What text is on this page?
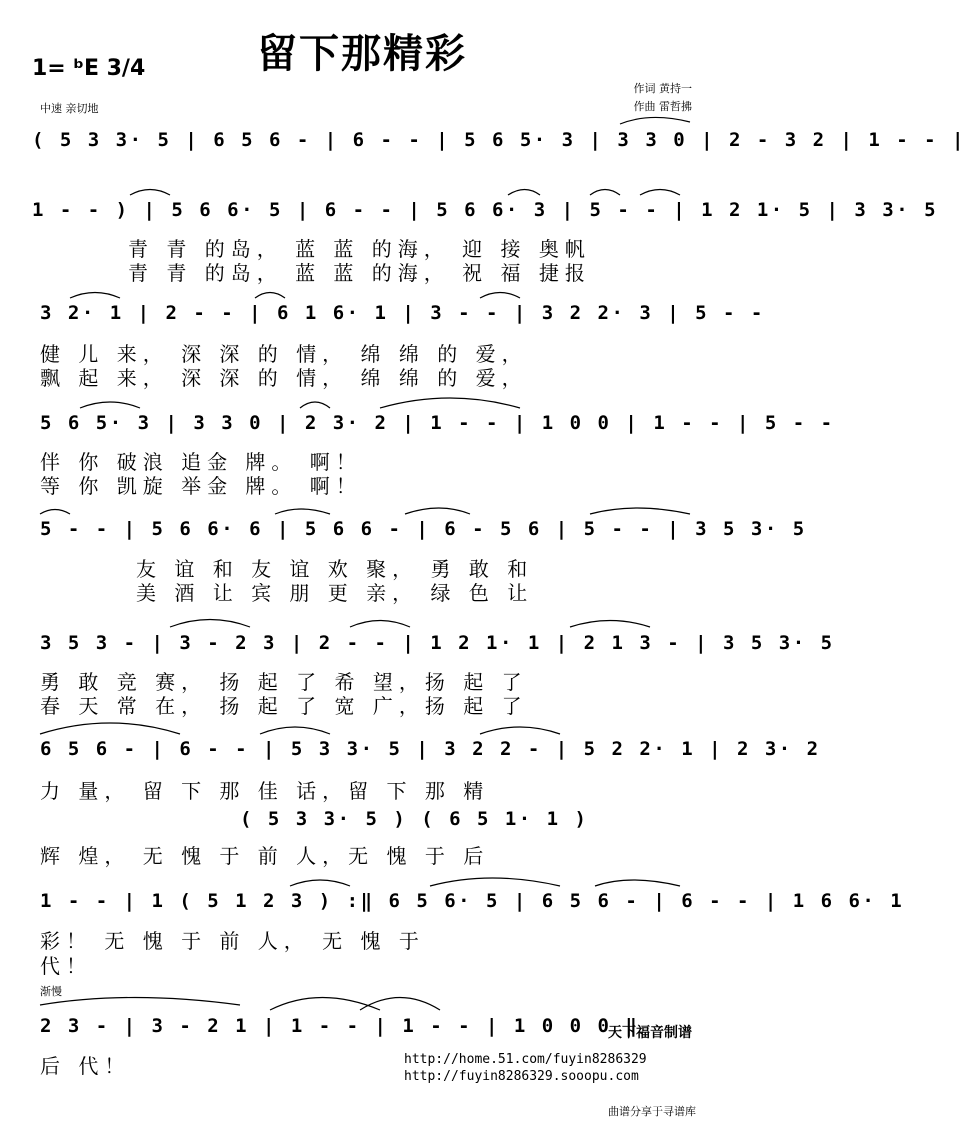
留下那精彩
1= ᵇE 3/4
中速 亲切地
作词 黄持一
作曲 雷哲拂
( 5 3 3· 5 | 6 5 6 - | 6 - - | 5 6 5· 3 | 3 3 0 | 2 - 3 2 | 1 - - |
1 - - ) | 5 6 6· 5 | 6 - - | 5 6 6· 3 | 5 - - | 1 2 1· 5 | 3 3· 5
青 青 的岛， 蓝 蓝 的海， 迎 接 奥帆
青 青 的岛， 蓝 蓝 的海， 祝 福 捷报
3 2· 1 | 2 - - | 6 1 6· 1 | 3 - - | 3 2 2· 3 | 5 - -
健 儿 来， 深 深 的 情， 绵 绵 的 爱，
飘 起 来， 深 深 的 情， 绵 绵 的 爱，
5 6 5· 3 | 3 3 0 | 2 3· 2 | 1 - - | 1 0 0 | 1 - - | 5 - -
伴 你 破浪 追金 牌。 啊！
等 你 凯旋 举金 牌。 啊！
5 - - | 5 6 6· 6 | 5 6 6 - | 6 - 5 6 | 5 - - | 3 5 3· 5
友 谊 和 友 谊 欢 聚， 勇 敢 和
美 酒 让 宾 朋 更 亲， 绿 色 让
3 5 3 - | 3 - 2 3 | 2 - - | 1 2 1· 1 | 2 1 3 - | 3 5 3· 5
勇 敢 竞 赛， 扬 起 了 希 望，扬 起 了
春 天 常 在， 扬 起 了 宽 广，扬 起 了
6 5 6 - | 6 - - | 5 3 3· 5 | 3 2 2 - | 5 2 2· 1 | 2 3· 2
力 量， 留 下 那 佳 话，留 下 那 精
( 5 3 3· 5 ) ( 6 5 1· 1 )
辉 煌， 无 愧 于 前 人，无 愧 于 后
1 - - | 1 ( 5 1 2 3 ) :‖ 6 5 6· 5 | 6 5 6 - | 6 - - | 1 6 6· 1
彩！ 无 愧 于 前 人， 无 愧 于
代！
渐慢
2 3 - | 3 - 2 1 | 1 - - | 1 - - | 1 0 0 0 ‖
后 代！
天下福音制谱
http://home.51.com/fuyin8286329
http://fuyin8286329.sooopu.com
曲谱分享于寻谱库
